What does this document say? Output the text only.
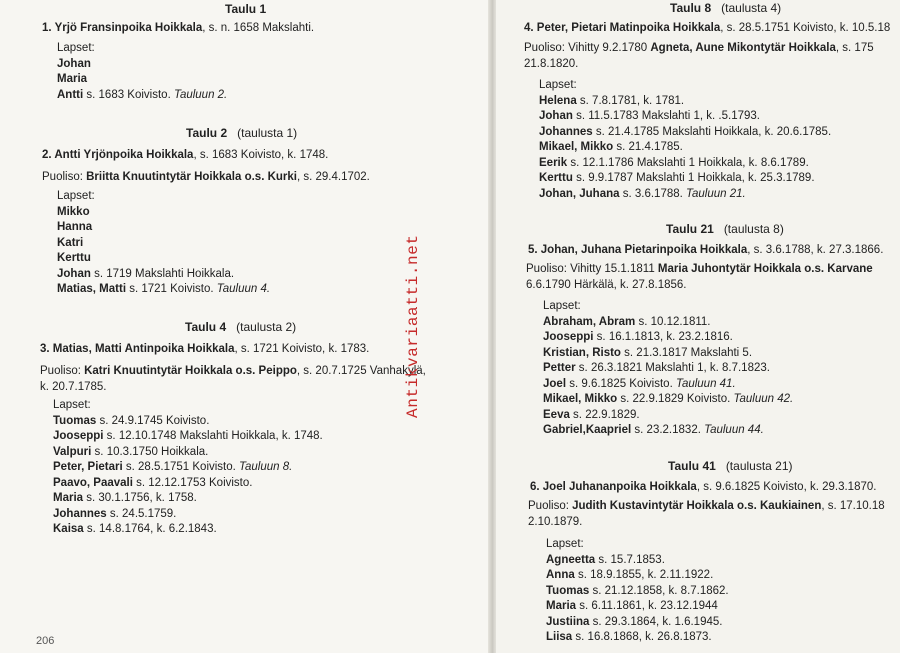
Taulu 1
1. Yrjö Fransinpoika Hoikkala, s. n. 1658 Makslahti.
Lapset:
Johan
Maria
Antti s. 1683 Koivisto. Tauluun 2.
Taulu 2 (taulusta 1)
2. Antti Yrjönpoika Hoikkala, s. 1683 Koivisto, k. 1748.
Puoliso: Briitta Knuutintytär Hoikkala o.s. Kurki, s. 29.4.1702.
Lapset:
Mikko
Hanna
Katri
Kerttu
Johan s. 1719 Makslahti Hoikkala.
Matias, Matti s. 1721 Koivisto. Tauluun 4.
Taulu 4 (taulusta 2)
3. Matias, Matti Antinpoika Hoikkala, s. 1721 Koivisto, k. 1783.
Puoliso: Katri Knuutintytär Hoikkala o.s. Peippo, s. 20.7.1725 Vanhakylä,
k. 20.7.1785.
Lapset:
Tuomas s. 24.9.1745 Koivisto.
Jooseppi s. 12.10.1748 Makslahti Hoikkala, k. 1748.
Valpuri s. 10.3.1750 Hoikkala.
Peter, Pietari s. 28.5.1751 Koivisto. Tauluun 8.
Paavo, Paavali s. 12.12.1753 Koivisto.
Maria s. 30.1.1756, k. 1758.
Johannes s. 24.5.1759.
Kaisa s. 14.8.1764, k. 6.2.1843.
206
Antikvariaatti.net
Taulu 8 (taulusta 4)
4. Peter, Pietari Matinpoika Hoikkala, s. 28.5.1751 Koivisto, k. 10.5.18
Puoliso: Vihitty 9.2.1780 Agneta, Aune Mikontytär Hoikkala, s. 175
21.8.1820.
Lapset:
Helena s. 7.8.1781, k. 1781.
Johan s. 11.5.1783 Makslahti 1, k. .5.1793.
Johannes s. 21.4.1785 Makslahti Hoikkala, k. 20.6.1785.
Mikael, Mikko s. 21.4.1785.
Eerik s. 12.1.1786 Makslahti 1 Hoikkala, k. 8.6.1789.
Kerttu s. 9.9.1787 Makslahti 1 Hoikkala, k. 25.3.1789.
Johan, Juhana s. 3.6.1788. Tauluun 21.
Taulu 21 (taulusta 8)
5. Johan, Juhana Pietarinpoika Hoikkala, s. 3.6.1788, k. 27.3.1866.
Puoliso: Vihitty 15.1.1811 Maria Juhontytär Hoikkala o.s. Karvane
6.6.1790 Härkälä, k. 27.8.1856.
Lapset:
Abraham, Abram s. 10.12.1811.
Jooseppi s. 16.1.1813, k. 23.2.1816.
Kristian, Risto s. 21.3.1817 Makslahti 5.
Petter s. 26.3.1821 Makslahti 1, k. 8.7.1823.
Joel s. 9.6.1825 Koivisto. Tauluun 41.
Mikael, Mikko s. 22.9.1829 Koivisto. Tauluun 42.
Eeva s. 22.9.1829.
Gabriel,Kaapriel s. 23.2.1832. Tauluun 44.
Taulu 41 (taulusta 21)
6. Joel Juhananpoika Hoikkala, s. 9.6.1825 Koivisto, k. 29.3.1870.
Puoliso: Judith Kustavintytär Hoikkala o.s. Kaukiainen, s. 17.10.18
2.10.1879.
Lapset:
Agneetta s. 15.7.1853.
Anna s. 18.9.1855, k. 2.11.1922.
Tuomas s. 21.12.1858, k. 8.7.1862.
Maria s. 6.11.1861, k. 23.12.1944
Justiina s. 29.3.1864, k. 1.6.1945.
Liisa s. 16.8.1868, k. 26.8.1873.
